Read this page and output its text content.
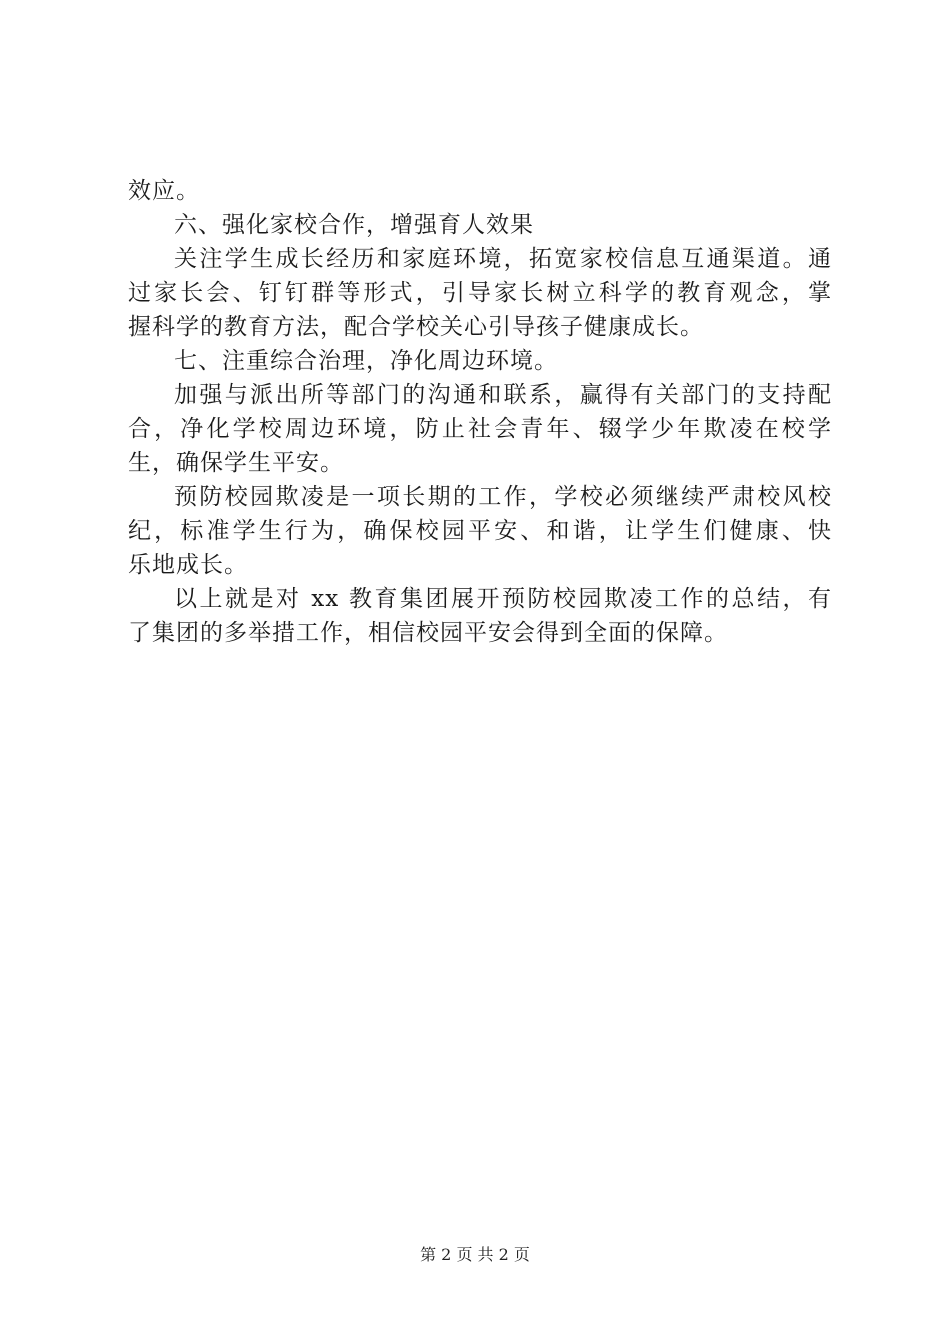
效应。
六、强化家校合作，增强育人效果
关注学生成长经历和家庭环境，拓宽家校信息互通渠道。通
过家长会、钉钉群等形式，引导家长树立科学的教育观念，掌
握科学的教育方法，配合学校关心引导孩子健康成长。
七、注重综合治理，净化周边环境。
加强与派出所等部门的沟通和联系，赢得有关部门的支持配
合，净化学校周边环境，防止社会青年、辍学少年欺凌在校学
生，确保学生平安。
预防校园欺凌是一项长期的工作，学校必须继续严肃校风校
纪，标准学生行为，确保校园平安、和谐，让学生们健康、快
乐地成长。
以上就是对 xx 教育集团展开预防校园欺凌工作的总结，有
了集团的多举措工作，相信校园平安会得到全面的保障。
第 2 页 共 2 页
